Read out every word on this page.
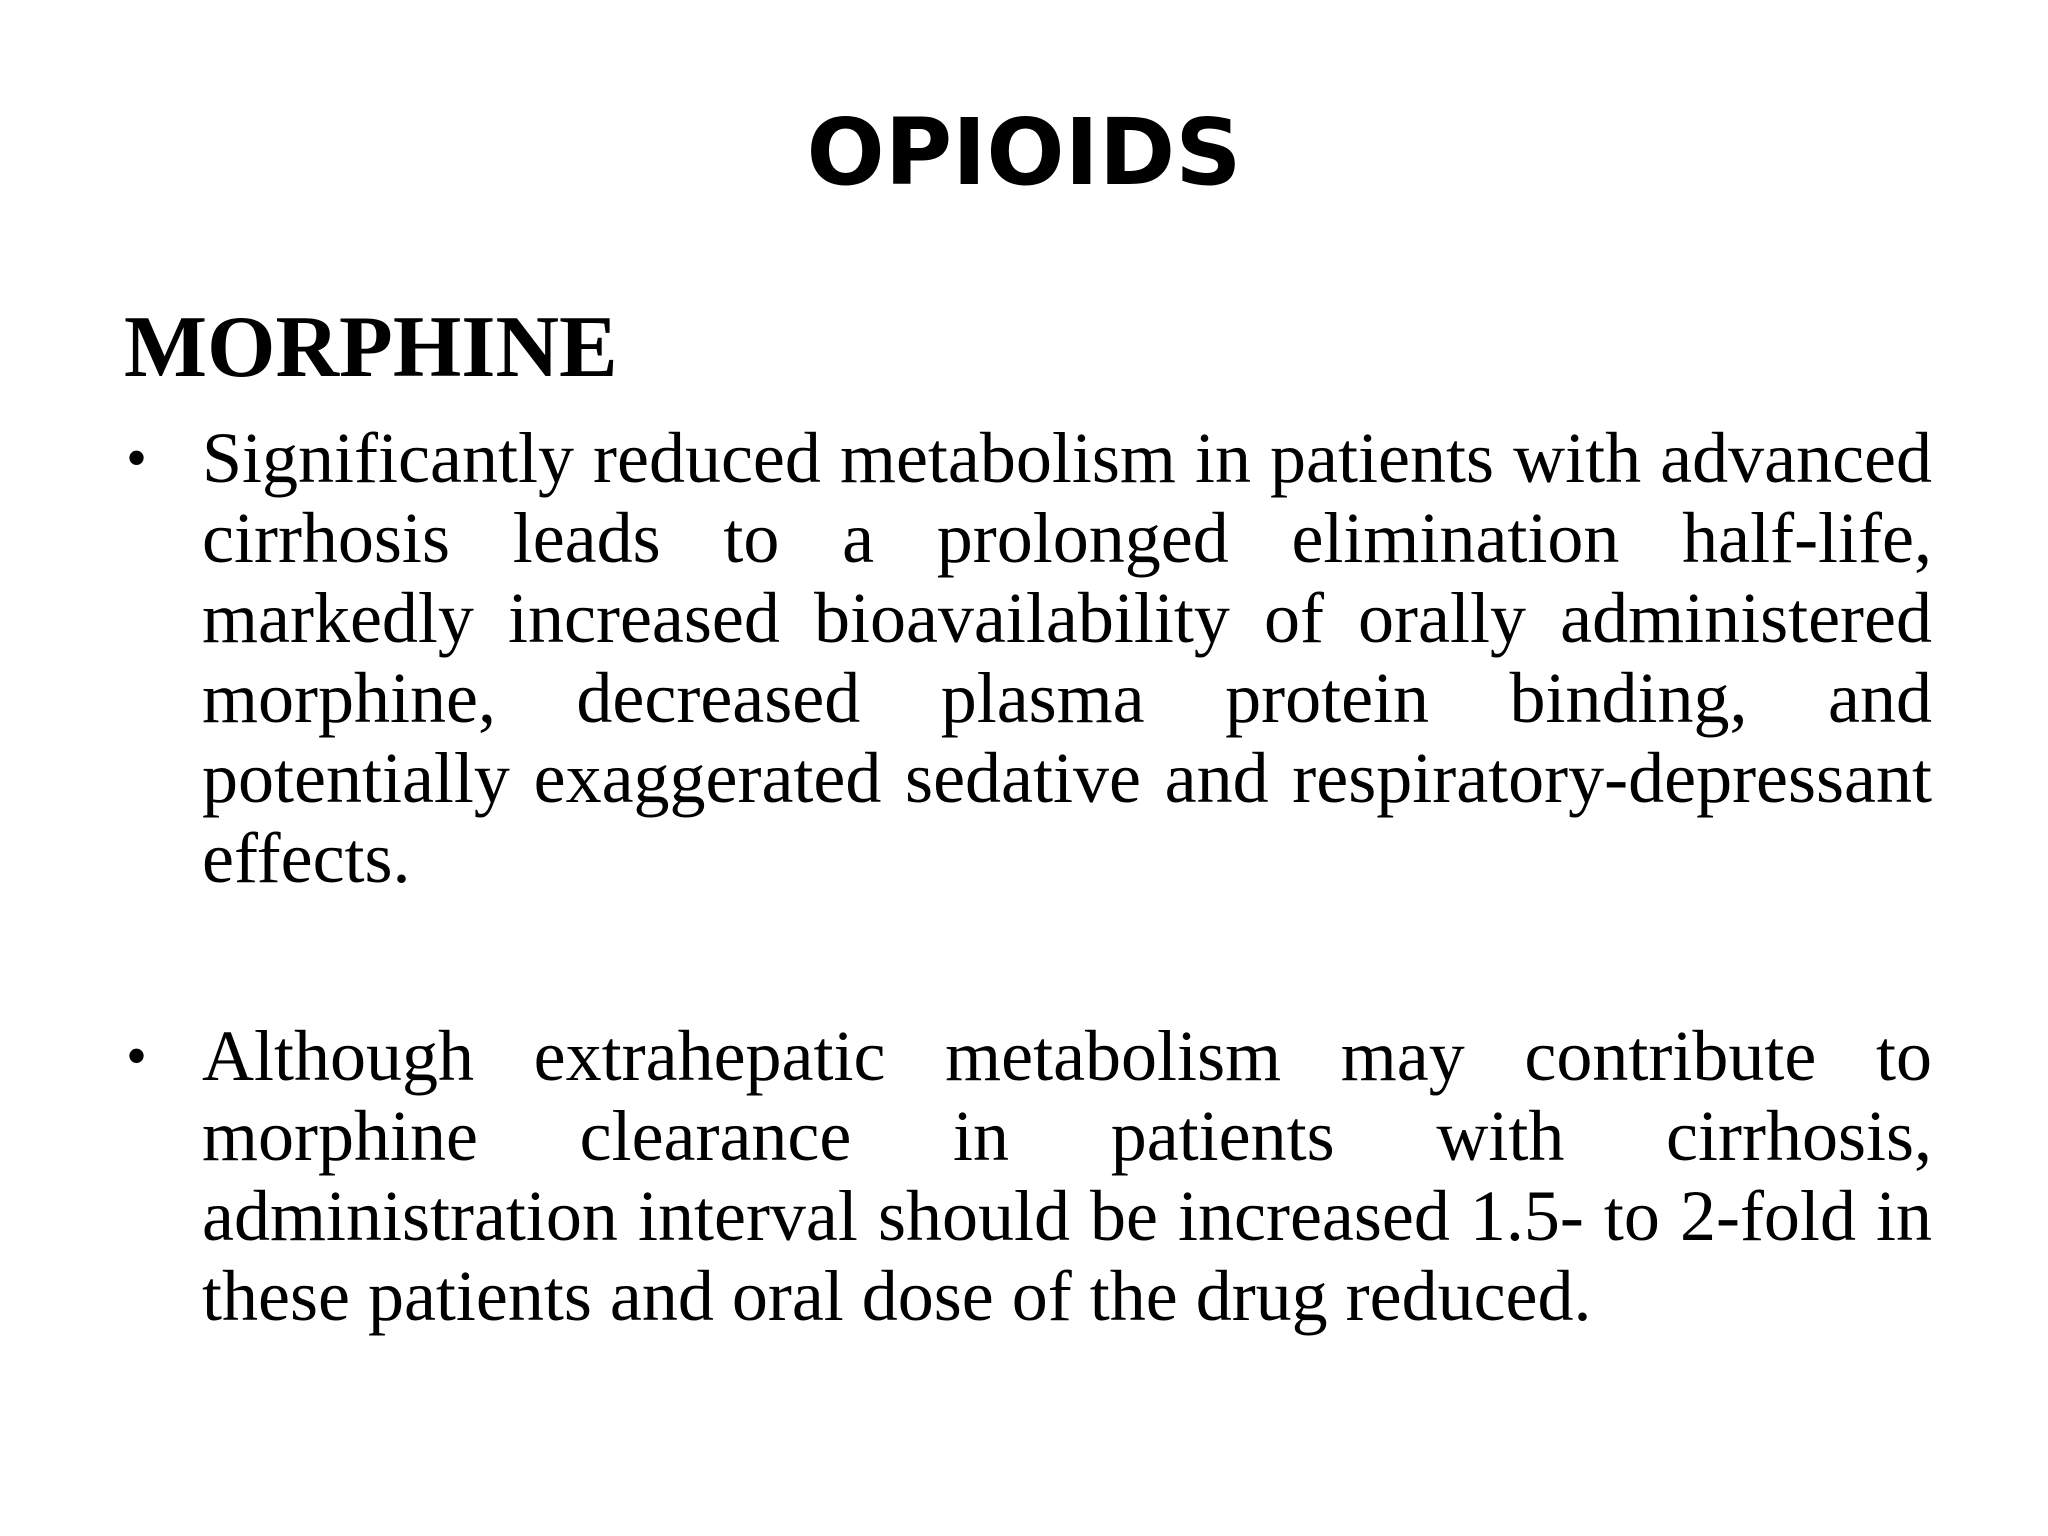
OPIOIDS
MORPHINE
• Significantly reduced metabolism in patients with advanced cirrhosis leads to a prolonged elimination half-life, markedly increased bioavailability of orally administered morphine, decreased plasma protein binding, and potentially exaggerated sedative and respiratory-depressant effects.
• Although extrahepatic metabolism may contribute to morphine clearance in patients with cirrhosis, administration interval should be increased 1.5- to 2-fold in these patients and oral dose of the drug reduced.
